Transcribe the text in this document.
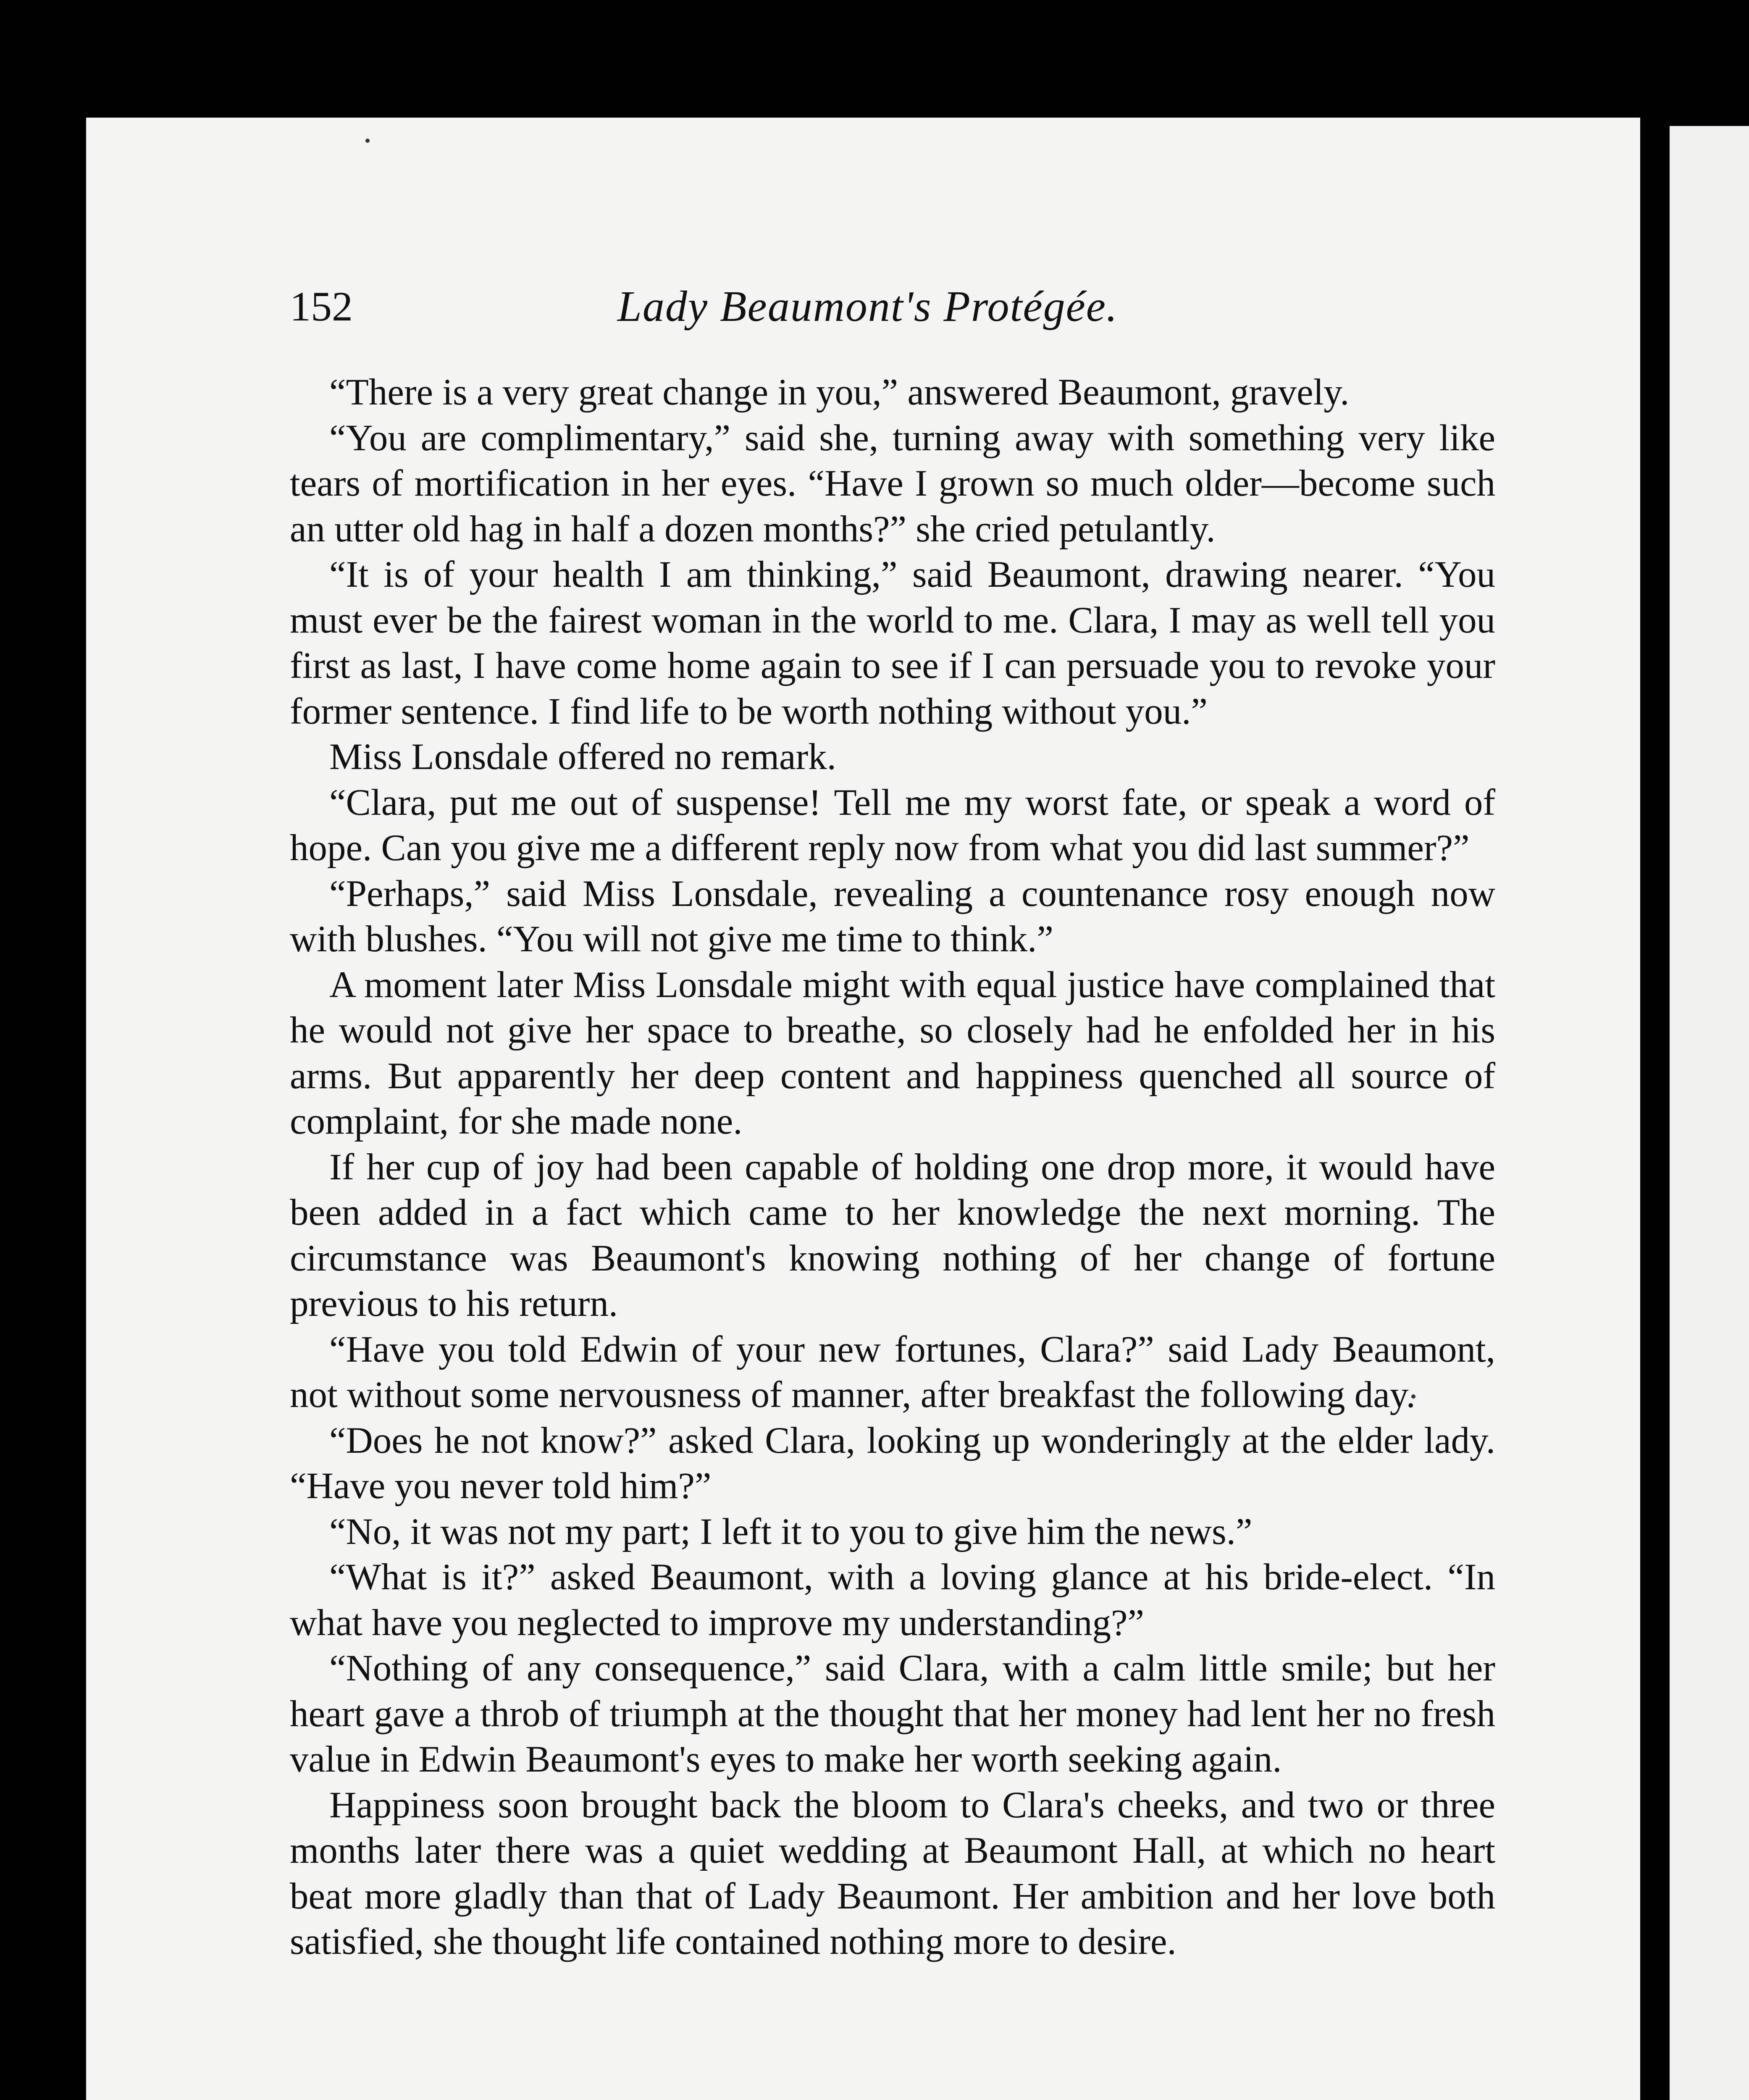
152	Lady Beaumont's Protégée.

“There is a very great change in you,” answered Beaumont, gravely.

“You are complimentary,” said she, turning away with something very like tears of mortification in her eyes. “Have I grown so much older—become such an utter old hag in half a dozen months?” she cried petulantly.

“It is of your health I am thinking,” said Beaumont, drawing nearer. “You must ever be the fairest woman in the world to me. Clara, I may as well tell you first as last, I have come home again to see if I can persuade you to revoke your former sentence. I find life to be worth nothing without you.”

Miss Lonsdale offered no remark.

“Clara, put me out of suspense! Tell me my worst fate, or speak a word of hope. Can you give me a different reply now from what you did last summer?”

“Perhaps,” said Miss Lonsdale, revealing a countenance rosy enough now with blushes. “You will not give me time to think.”

A moment later Miss Lonsdale might with equal justice have complained that he would not give her space to breathe, so closely had he enfolded her in his arms. But apparently her deep content and happiness quenched all source of complaint, for she made none.

If her cup of joy had been capable of holding one drop more, it would have been added in a fact which came to her knowledge the next morning. The circumstance was Beaumont's knowing nothing of her change of fortune previous to his return.

“Have you told Edwin of your new fortunes, Clara?” said Lady Beaumont, not without some nervousness of manner, after breakfast the following day.

“Does he not know?” asked Clara, looking up wonderingly at the elder lady. “Have you never told him?”

“No, it was not my part; I left it to you to give him the news.”

“What is it?” asked Beaumont, with a loving glance at his bride-elect. “In what have you neglected to improve my understanding?”

“Nothing of any consequence,” said Clara, with a calm little smile; but her heart gave a throb of triumph at the thought that her money had lent her no fresh value in Edwin Beaumont's eyes to make her worth seeking again.

Happiness soon brought back the bloom to Clara's cheeks, and two or three months later there was a quiet wedding at Beaumont Hall, at which no heart beat more gladly than that of Lady Beaumont. Her ambition and her love both satisfied, she thought life contained nothing more to desire.
